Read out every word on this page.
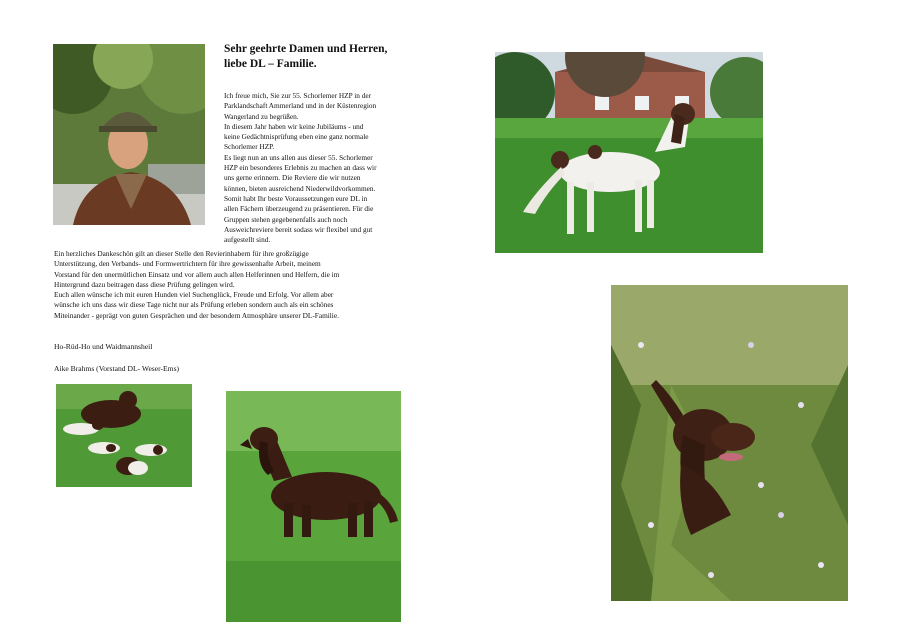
Sehr geehrte Damen und Herren,
liebe DL – Familie.

Ich freue mich, Sie zur 55. Schorlemer HZP in der
Parklandschaft Ammerland und in der Küstenregion
Wangerland zu begrüßen.
In diesem Jahr haben wir keine Jubiläums - und
keine Gedächtnisprüfung eben eine ganz normale
Schorlemer HZP.
Es liegt nun an uns allen aus dieser 55. Schorlemer
HZP ein besonderes Erlebnis zu machen an dass wir
uns gerne erinnern. Die Reviere die wir nutzen
können, bieten ausreichend Niederwildvorkommen.
Somit habt Ihr beste Voraussetzungen eure DL in
allen Fächern überzeugend zu präsentieren. Für die
Gruppen stehen gegebenenfalls auch noch
Ausweichreviere bereit sodass wir flexibel und gut
aufgestellt sind.

Ein herzliches Dankeschön gilt an dieser Stelle den Revierinhabern für ihre großzügige
Unterstützung, den Verbands- und Formwertrichtern für ihre gewissenhafte Arbeit, meinem
Vorstand für den unermütlichen Einsatz und vor allem auch allen Helferinnen und Helfern, die im
Hintergrund dazu beitragen dass diese Prüfung gelingen wird.
Euch allen wünsche ich mit euren Hunden viel Suchenglück, Freude und Erfolg. Vor allem aber
wünsche ich uns dass wir diese Tage nicht nur als Prüfung erleben sondern auch als ein schönes
Miteinander - geprägt von guten Gesprächen und der besondern Atmosphäre unserer DL-Familie.

Ho-Rüd-Ho und Waidmannsheil
Aike Brahms (Vorstand DL- Weser-Ems)
